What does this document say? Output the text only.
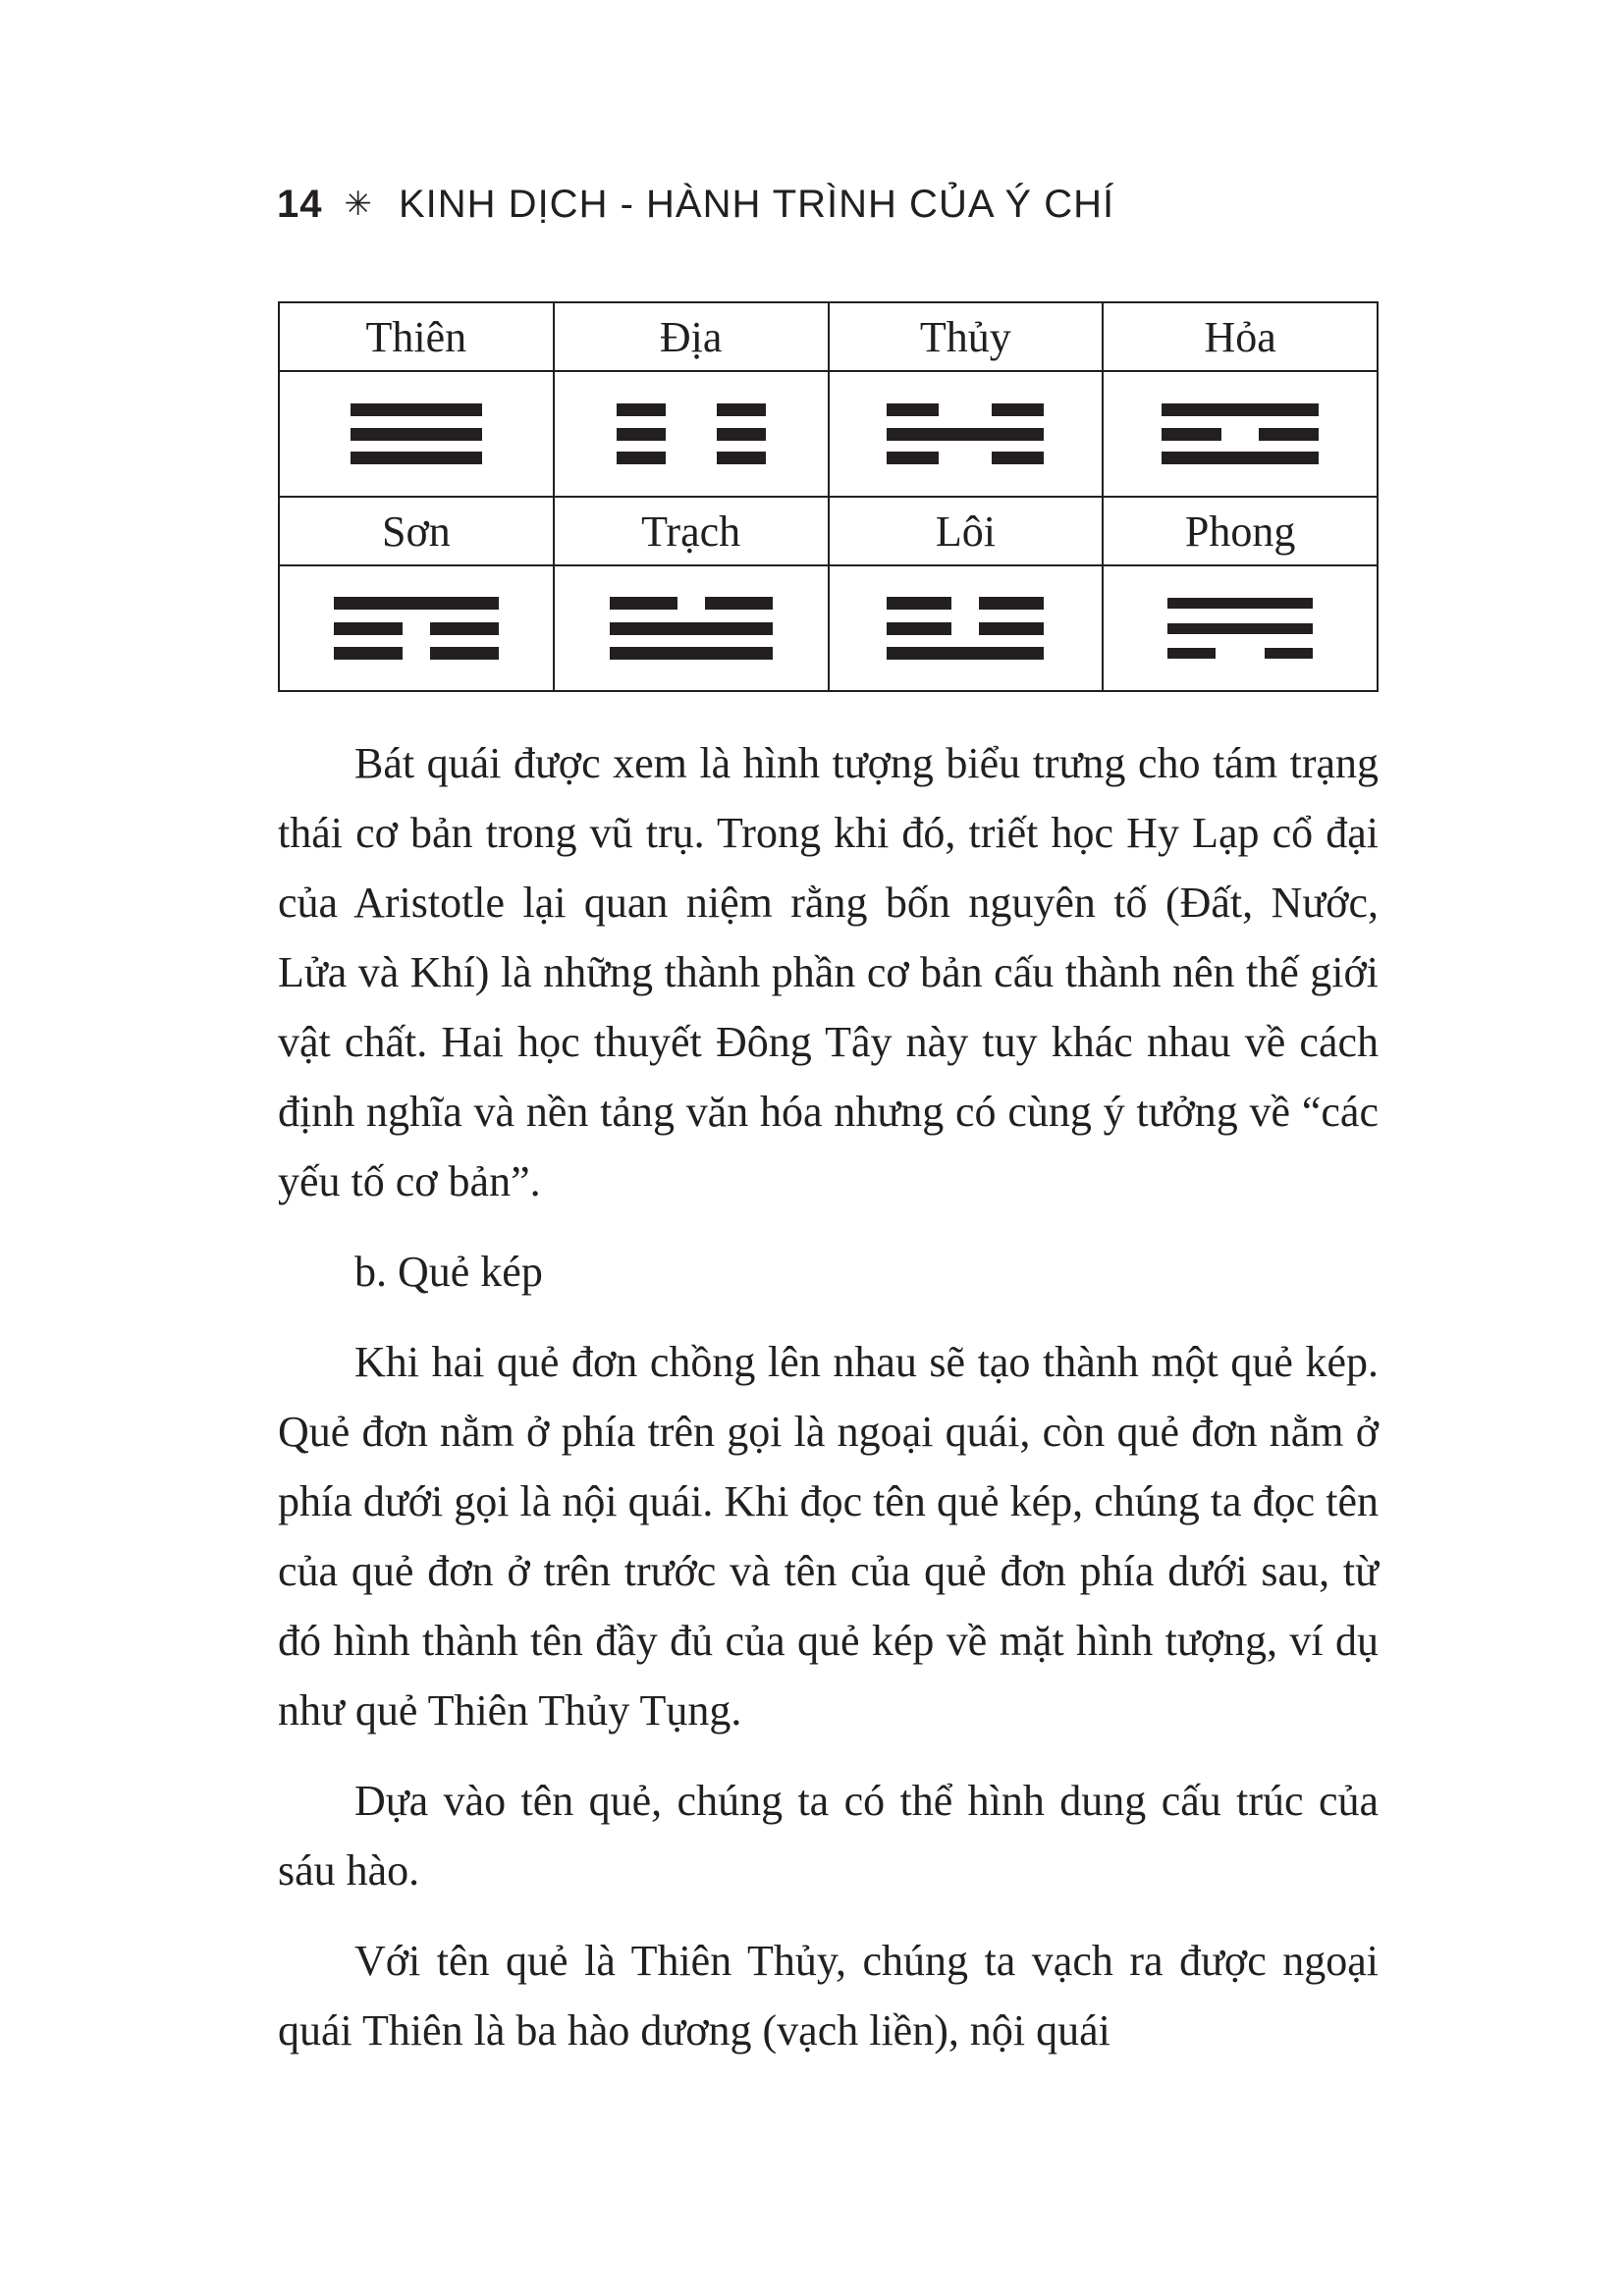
14 ✳ KINH DỊCH - HÀNH TRÌNH CỦA Ý CHÍ
Thiên	Địa	Thủy	Hỏa

Sơn	Trạch	Lôi	Phong

Bát quái được xem là hình tượng biểu trưng cho tám trạng thái cơ bản trong vũ trụ. Trong khi đó, triết học Hy Lạp cổ đại của Aristotle lại quan niệm rằng bốn nguyên tố (Đất, Nước, Lửa và Khí) là những thành phần cơ bản cấu thành nên thế giới vật chất. Hai học thuyết Đông Tây này tuy khác nhau về cách định nghĩa và nền tảng văn hóa nhưng có cùng ý tưởng về “các yếu tố cơ bản”.

b. Quẻ kép

Khi hai quẻ đơn chồng lên nhau sẽ tạo thành một quẻ kép. Quẻ đơn nằm ở phía trên gọi là ngoại quái, còn quẻ đơn nằm ở phía dưới gọi là nội quái. Khi đọc tên quẻ kép, chúng ta đọc tên của quẻ đơn ở trên trước và tên của quẻ đơn phía dưới sau, từ đó hình thành tên đầy đủ của quẻ kép về mặt hình tượng, ví dụ như quẻ Thiên Thủy Tụng.

Dựa vào tên quẻ, chúng ta có thể hình dung cấu trúc của sáu hào.

Với tên quẻ là Thiên Thủy, chúng ta vạch ra được ngoại quái Thiên là ba hào dương (vạch liền), nội quái
